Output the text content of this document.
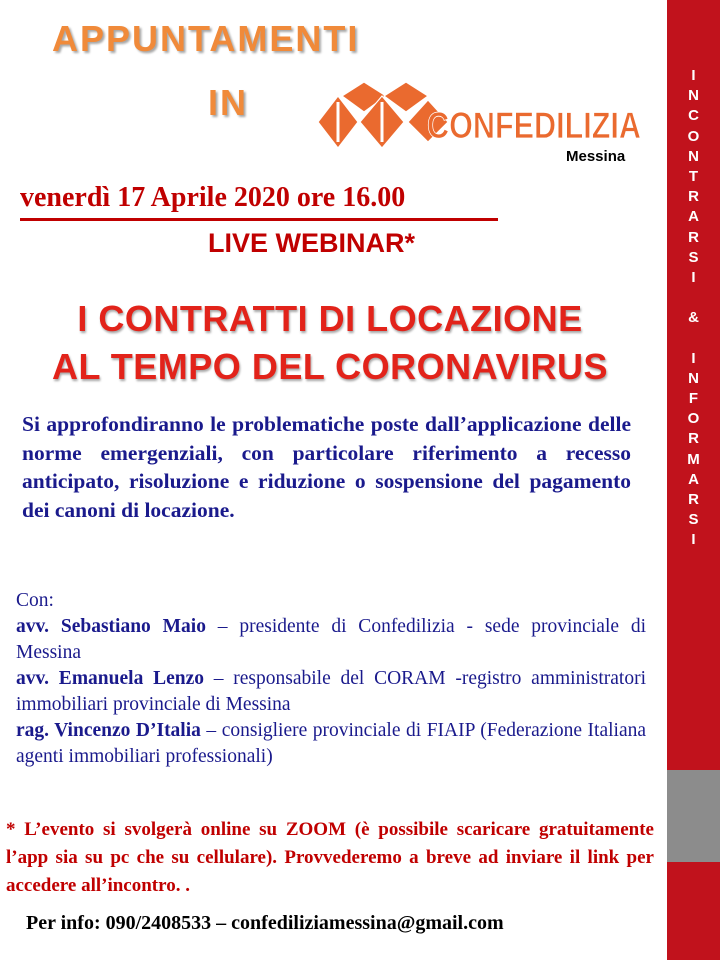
APPUNTAMENTI
IN
CONFEDILIZIA
Messina
venerdì 17 Aprile 2020 ore 16.00
LIVE WEBINAR*
I CONTRATTI DI LOCAZIONE
AL TEMPO DEL CORONAVIRUS
Si approfondiranno le problematiche poste dall’applicazione delle norme emergenziali, con particolare riferimento a recesso anticipato, risoluzione e riduzione o sospensione del pagamento dei canoni di locazione.
Con:
avv. Sebastiano Maio – presidente di Confedilizia - sede provinciale di Messina
avv. Emanuela Lenzo – responsabile del CORAM -registro amministratori immobiliari provinciale di Messina
rag. Vincenzo D’Italia – consigliere provinciale di FIAIP (Federazione Italiana agenti immobiliari professionali)
* L’evento si svolgerà online su ZOOM (è possibile scaricare gratuitamente l’app sia su pc che su cellulare). Provvederemo a breve ad inviare il link per accedere all’incontro. .
Per info: 090/2408533 – confediliziamessina@gmail.com
I
N
C
O
N
T
R
A
R
S
I
&
I
N
F
O
R
M
A
R
S
I
